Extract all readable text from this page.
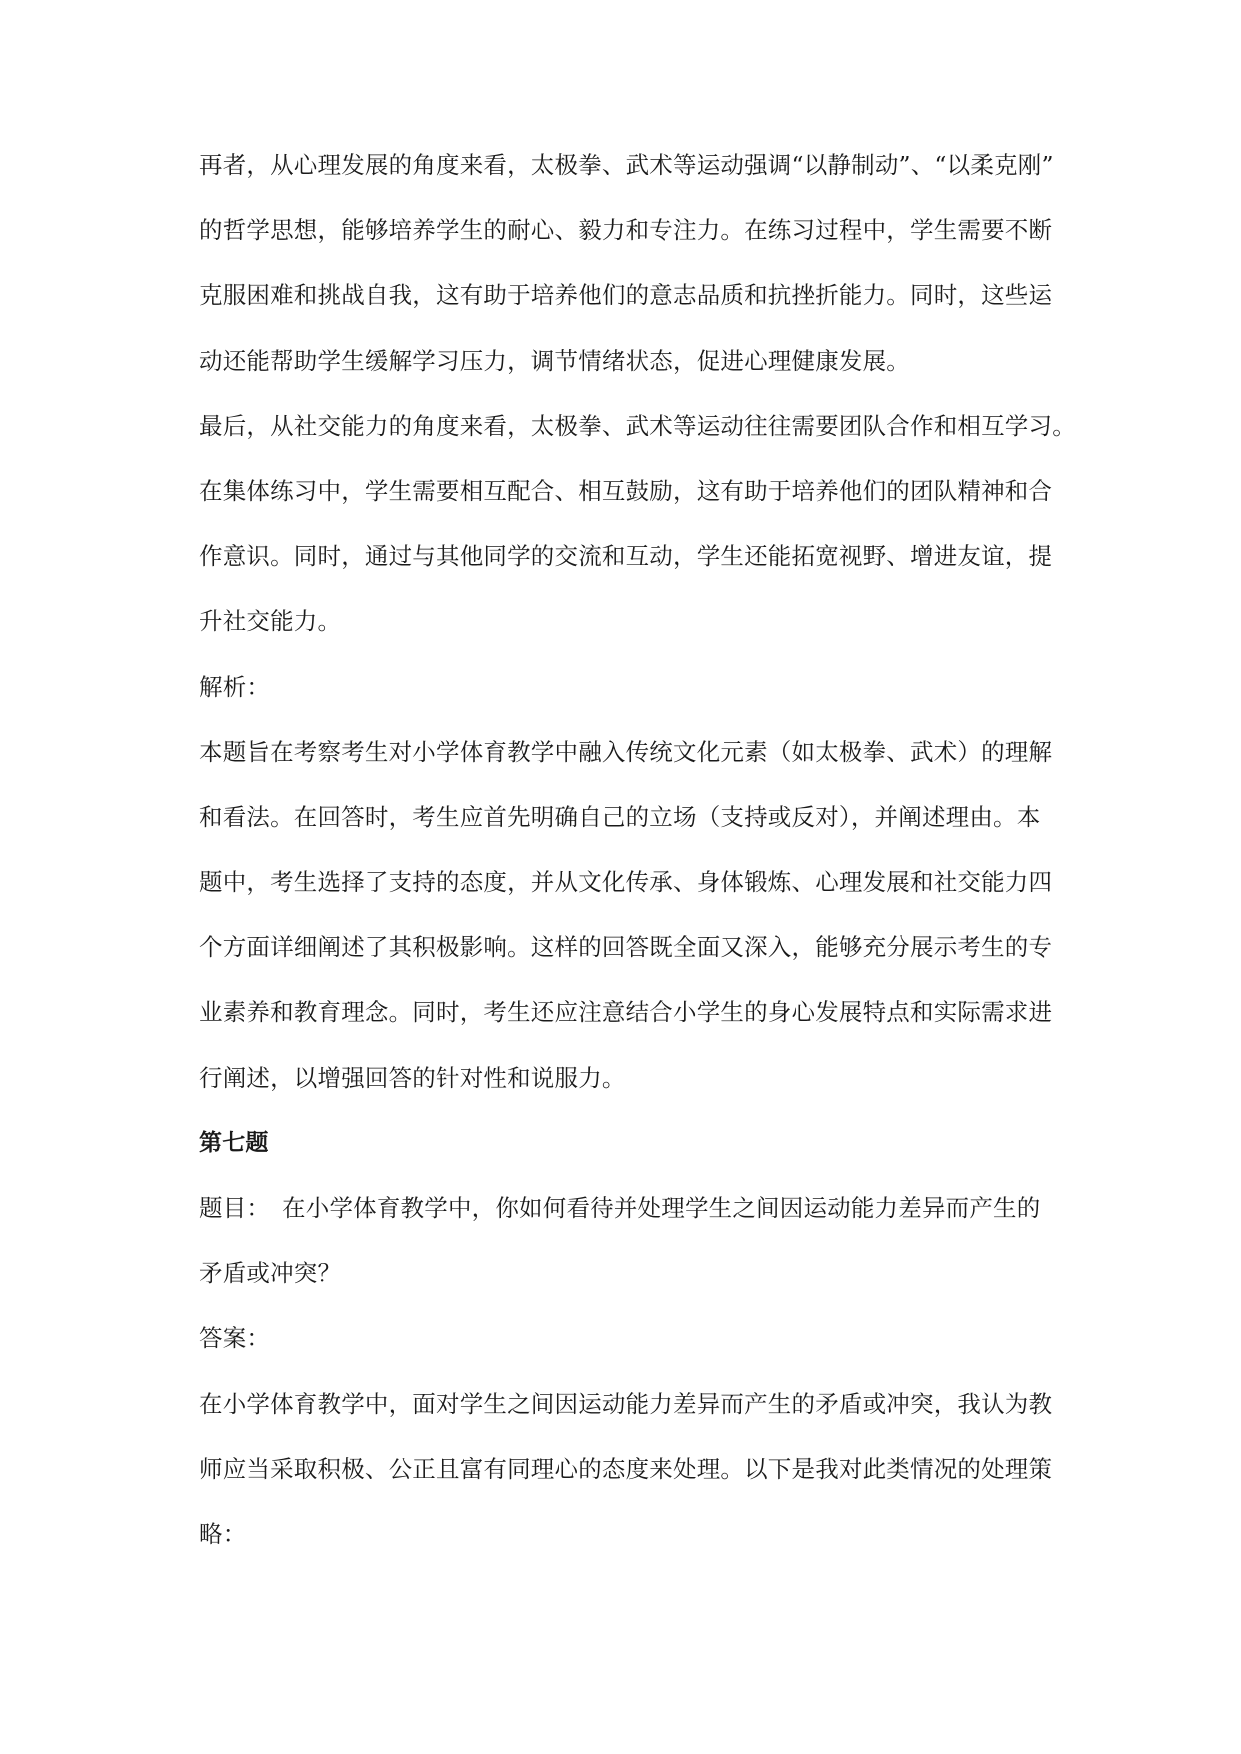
再者，从心理发展的角度来看，太极拳、武术等运动强调“以静制动”、“以柔克刚”
的哲学思想，能够培养学生的耐心、毅力和专注力。在练习过程中，学生需要不断
克服困难和挑战自我，这有助于培养他们的意志品质和抗挫折能力。同时，这些运
动还能帮助学生缓解学习压力，调节情绪状态，促进心理健康发展。
最后，从社交能力的角度来看，太极拳、武术等运动往往需要团队合作和相互学习。
在集体练习中，学生需要相互配合、相互鼓励，这有助于培养他们的团队精神和合
作意识。同时，通过与其他同学的交流和互动，学生还能拓宽视野、增进友谊，提
升社交能力。
解析：
本题旨在考察考生对小学体育教学中融入传统文化元素（如太极拳、武术）的理解
和看法。在回答时，考生应首先明确自己的立场（支持或反对），并阐述理由。本
题中，考生选择了支持的态度，并从文化传承、身体锻炼、心理发展和社交能力四
个方面详细阐述了其积极影响。这样的回答既全面又深入，能够充分展示考生的专
业素养和教育理念。同时，考生还应注意结合小学生的身心发展特点和实际需求进
行阐述，以增强回答的针对性和说服力。
第七题
题目：　在小学体育教学中，你如何看待并处理学生之间因运动能力差异而产生的
矛盾或冲突？
答案：
在小学体育教学中，面对学生之间因运动能力差异而产生的矛盾或冲突，我认为教
师应当采取积极、公正且富有同理心的态度来处理。以下是我对此类情况的处理策
略：
